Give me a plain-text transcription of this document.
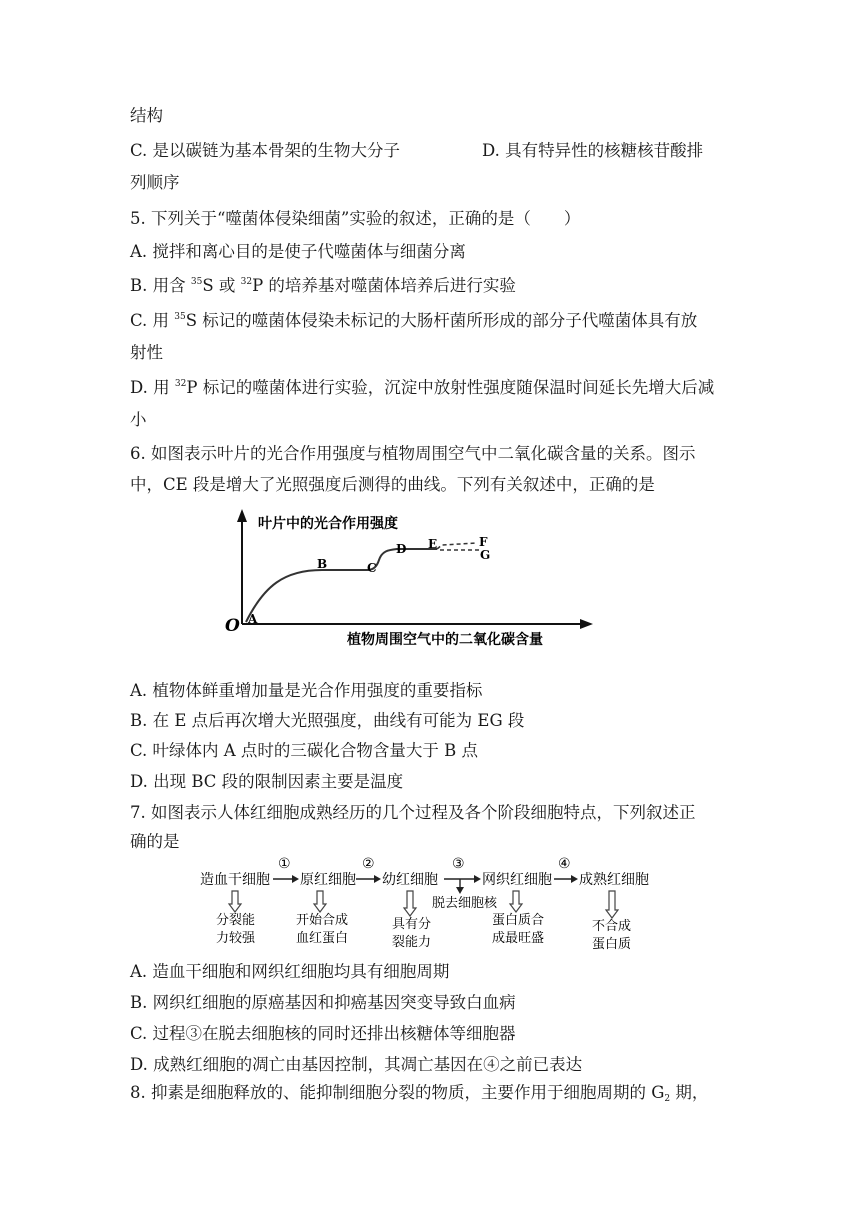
结构
C. 是以碳链为基本骨架的生物大分子	D. 具有特异性的核糖核苷酸排
列顺序
5. 下列关于“噬菌体侵染细菌”实验的叙述，正确的是（　　）
A. 搅拌和离心目的是使子代噬菌体与细菌分离
B. 用含 $^{35}$S 或 $^{32}$P 的培养基对噬菌体培养后进行实验
C. 用 $^{35}$S 标记的噬菌体侵染未标记的大肠杆菌所形成的部分子代噬菌体具有放
射性
D. 用 $^{32}$P 标记的噬菌体进行实验，沉淀中放射性强度随保温时间延长先增大后减
小
6. 如图表示叶片的光合作用强度与植物周围空气中二氧化碳含量的关系。图示
中，CE 段是增大了光照强度后测得的曲线。下列有关叙述中，正确的是
叶片中的光合作用强度
植物周围空气中的二氧化碳含量
O A
B	C
D E	F
G
A. 植物体鲜重增加量是光合作用强度的重要指标
B. 在 E 点后再次增大光照强度，曲线有可能为 EG 段
C. 叶绿体内 A 点时的三碳化合物含量大于 B 点
D. 出现 BC 段的限制因素主要是温度
7. 如图表示人体红细胞成熟经历的几个过程及各个阶段细胞特点，下列叙述正
确的是
造血干细胞 原红细胞 幼红细胞	网织红细胞 成熟红细胞
①	②	③	④
脱去细胞核
分裂能
力较强
开始合成
血红蛋白
具有分
裂能力
蛋白质合
成最旺盛
不合成
蛋白质
A. 造血干细胞和网织红细胞均具有细胞周期
B. 网织红细胞的原癌基因和抑癌基因突变导致白血病
C. 过程③在脱去细胞核的同时还排出核糖体等细胞器
D. 成熟红细胞的凋亡由基因控制，其凋亡基因在④之前已表达
8. 抑素是细胞释放的、能抑制细胞分裂的物质，主要作用于细胞周期的 $G_2$ 期，
